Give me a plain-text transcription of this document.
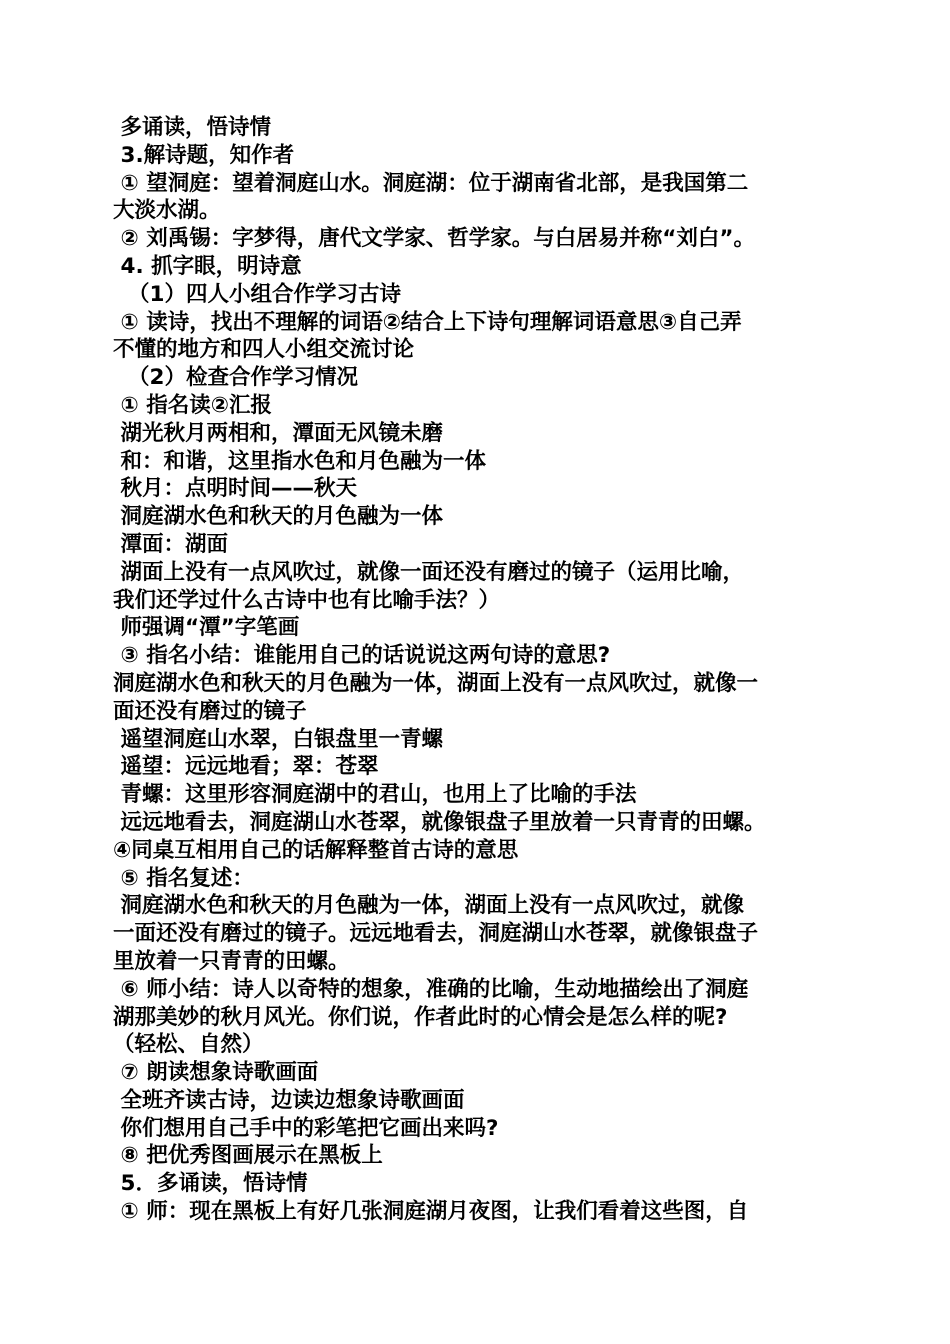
多诵读，悟诗情

3.解诗题，知作者

① 望洞庭：望着洞庭山水。洞庭湖：位于湖南省北部，是我国第二

大淡水湖。

② 刘禹锡：字梦得，唐代文学家、哲学家。与白居易并称“刘白”。

4. 抓字眼，明诗意

（1）四人小组合作学习古诗

① 读诗，找出不理解的词语②结合上下诗句理解词语意思③自己弄

不懂的地方和四人小组交流讨论

（2）检查合作学习情况

① 指名读②汇报

湖光秋月两相和，潭面无风镜未磨

和：和谐，这里指水色和月色融为一体

秋月：点明时间——秋天

洞庭湖水色和秋天的月色融为一体

潭面：湖面

湖面上没有一点风吹过，就像一面还没有磨过的镜子（运用比喻，

我们还学过什么古诗中也有比喻手法？）

师强调“潭”字笔画

③ 指名小结：谁能用自己的话说说这两句诗的意思?

洞庭湖水色和秋天的月色融为一体，湖面上没有一点风吹过，就像一

面还没有磨过的镜子

遥望洞庭山水翠，白银盘里一青螺

遥望：远远地看；翠：苍翠

青螺：这里形容洞庭湖中的君山，也用上了比喻的手法

远远地看去，洞庭湖山水苍翠，就像银盘子里放着一只青青的田螺。

④同桌互相用自己的话解释整首古诗的意思

⑤ 指名复述：

洞庭湖水色和秋天的月色融为一体，湖面上没有一点风吹过，就像

一面还没有磨过的镜子。远远地看去，洞庭湖山水苍翠，就像银盘子

里放着一只青青的田螺。

⑥ 师小结：诗人以奇特的想象，准确的比喻，生动地描绘出了洞庭

湖那美妙的秋月风光。你们说，作者此时的心情会是怎么样的呢?

（轻松、自然）

⑦ 朗读想象诗歌画面

全班齐读古诗，边读边想象诗歌画面

你们想用自己手中的彩笔把它画出来吗?

⑧ 把优秀图画展示在黑板上

5．多诵读，悟诗情

① 师：现在黑板上有好几张洞庭湖月夜图，让我们看着这些图，自
